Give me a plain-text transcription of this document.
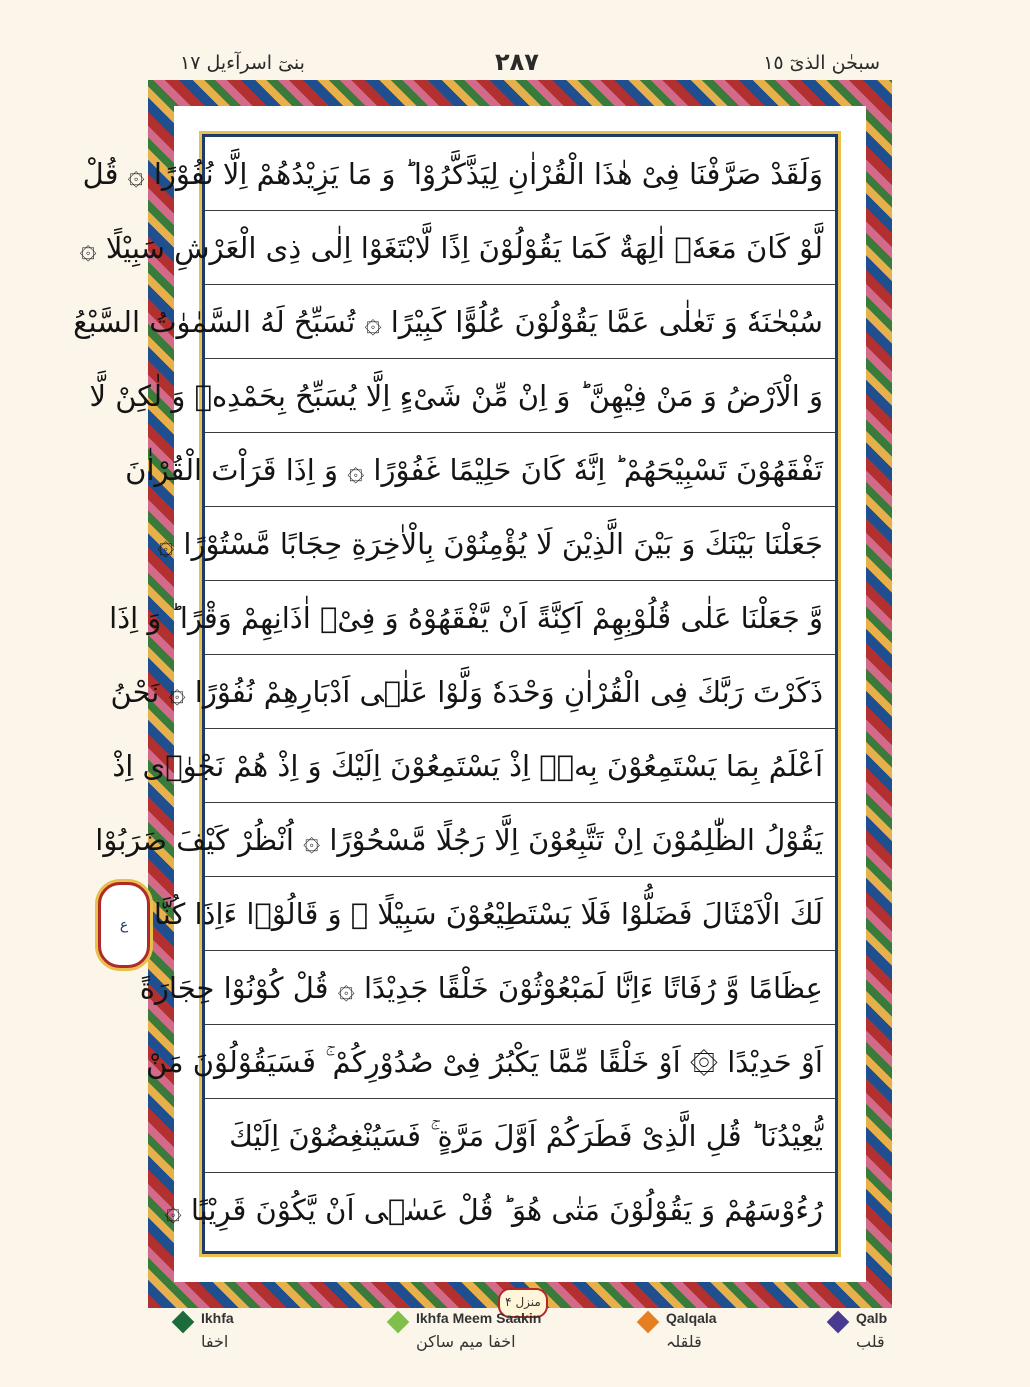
بنیٓ اسرآءیل ١٧	٢٨٧	سبحٰن الذیٓ ١٥
وَلَقَدْ صَرَّفْنَا فِیْ هٰذَا الْقُرْاٰنِ لِیَذَّكَّرُوْا ؕ وَ مَا یَزِیْدُهُمْ اِلَّا نُفُوْرًا ۞ قُلْ
لَّوْ كَانَ مَعَهٗۤ اٰلِهَةٌ كَمَا یَقُوْلُوْنَ اِذًا لَّابْتَغَوْا اِلٰى ذِی الْعَرْشِ سَبِیْلًا ۞
سُبْحٰنَهٗ وَ تَعٰلٰى عَمَّا یَقُوْلُوْنَ عُلُوًّا كَبِیْرًا ۞ تُسَبِّحُ لَهُ السَّمٰوٰتُ السَّبْعُ
وَ الْاَرْضُ وَ مَنْ فِیْهِنَّ ؕ وَ اِنْ مِّنْ شَیْءٍ اِلَّا یُسَبِّحُ بِحَمْدِهٖ وَ لٰكِنْ لَّا
تَفْقَهُوْنَ تَسْبِیْحَهُمْ ؕ اِنَّهٗ كَانَ حَلِیْمًا غَفُوْرًا ۞ وَ اِذَا قَرَاْتَ الْقُرْاٰنَ
جَعَلْنَا بَیْنَكَ وَ بَیْنَ الَّذِیْنَ لَا یُؤْمِنُوْنَ بِالْاٰخِرَةِ حِجَابًا مَّسْتُوْرًا ۞
وَّ جَعَلْنَا عَلٰى قُلُوْبِهِمْ اَكِنَّةً اَنْ یَّفْقَهُوْهُ وَ فِیْۤ اٰذَانِهِمْ وَقْرًا ؕ وَ اِذَا
ذَكَرْتَ رَبَّكَ فِی الْقُرْاٰنِ وَحْدَهٗ وَلَّوْا عَلٰۤى اَدْبَارِهِمْ نُفُوْرًا ۞ نَحْنُ
اَعْلَمُ بِمَا یَسْتَمِعُوْنَ بِهٖۤ اِذْ یَسْتَمِعُوْنَ اِلَیْكَ وَ اِذْ هُمْ نَجْوٰۤى اِذْ
یَقُوْلُ الظّٰلِمُوْنَ اِنْ تَتَّبِعُوْنَ اِلَّا رَجُلًا مَّسْحُوْرًا ۞ اُنْظُرْ كَیْفَ ضَرَبُوْا
لَكَ الْاَمْثَالَ فَضَلُّوْا فَلَا یَسْتَطِیْعُوْنَ سَبِیْلًا ۞ وَ قَالُوْۤا ءَاِذَا كُنَّا
عِظَامًا وَّ رُفَاتًا ءَاِنَّا لَمَبْعُوْثُوْنَ خَلْقًا جَدِیْدًا ۞ قُلْ كُوْنُوْا حِجَارَةً
اَوْ حَدِیْدًا ۞ اَوْ خَلْقًا مِّمَّا یَكْبُرُ فِیْ صُدُوْرِكُمْ ۚ فَسَیَقُوْلُوْنَ مَنْ
یُّعِیْدُنَا ؕ قُلِ الَّذِیْ فَطَرَكُمْ اَوَّلَ مَرَّةٍ ۚ فَسَیُنْغِضُوْنَ اِلَیْكَ
رُءُوْسَهُمْ وَ یَقُوْلُوْنَ مَتٰى هُوَ ؕ قُلْ عَسٰۤى اَنْ یَّكُوْنَ قَرِیْبًا ۞
ع
منزل ۴
Ikhfa
اخفا
Ikhfa Meem Saakin
اخفا میم ساکن
Qalqala
قلقلہ
Qalb
قلب
